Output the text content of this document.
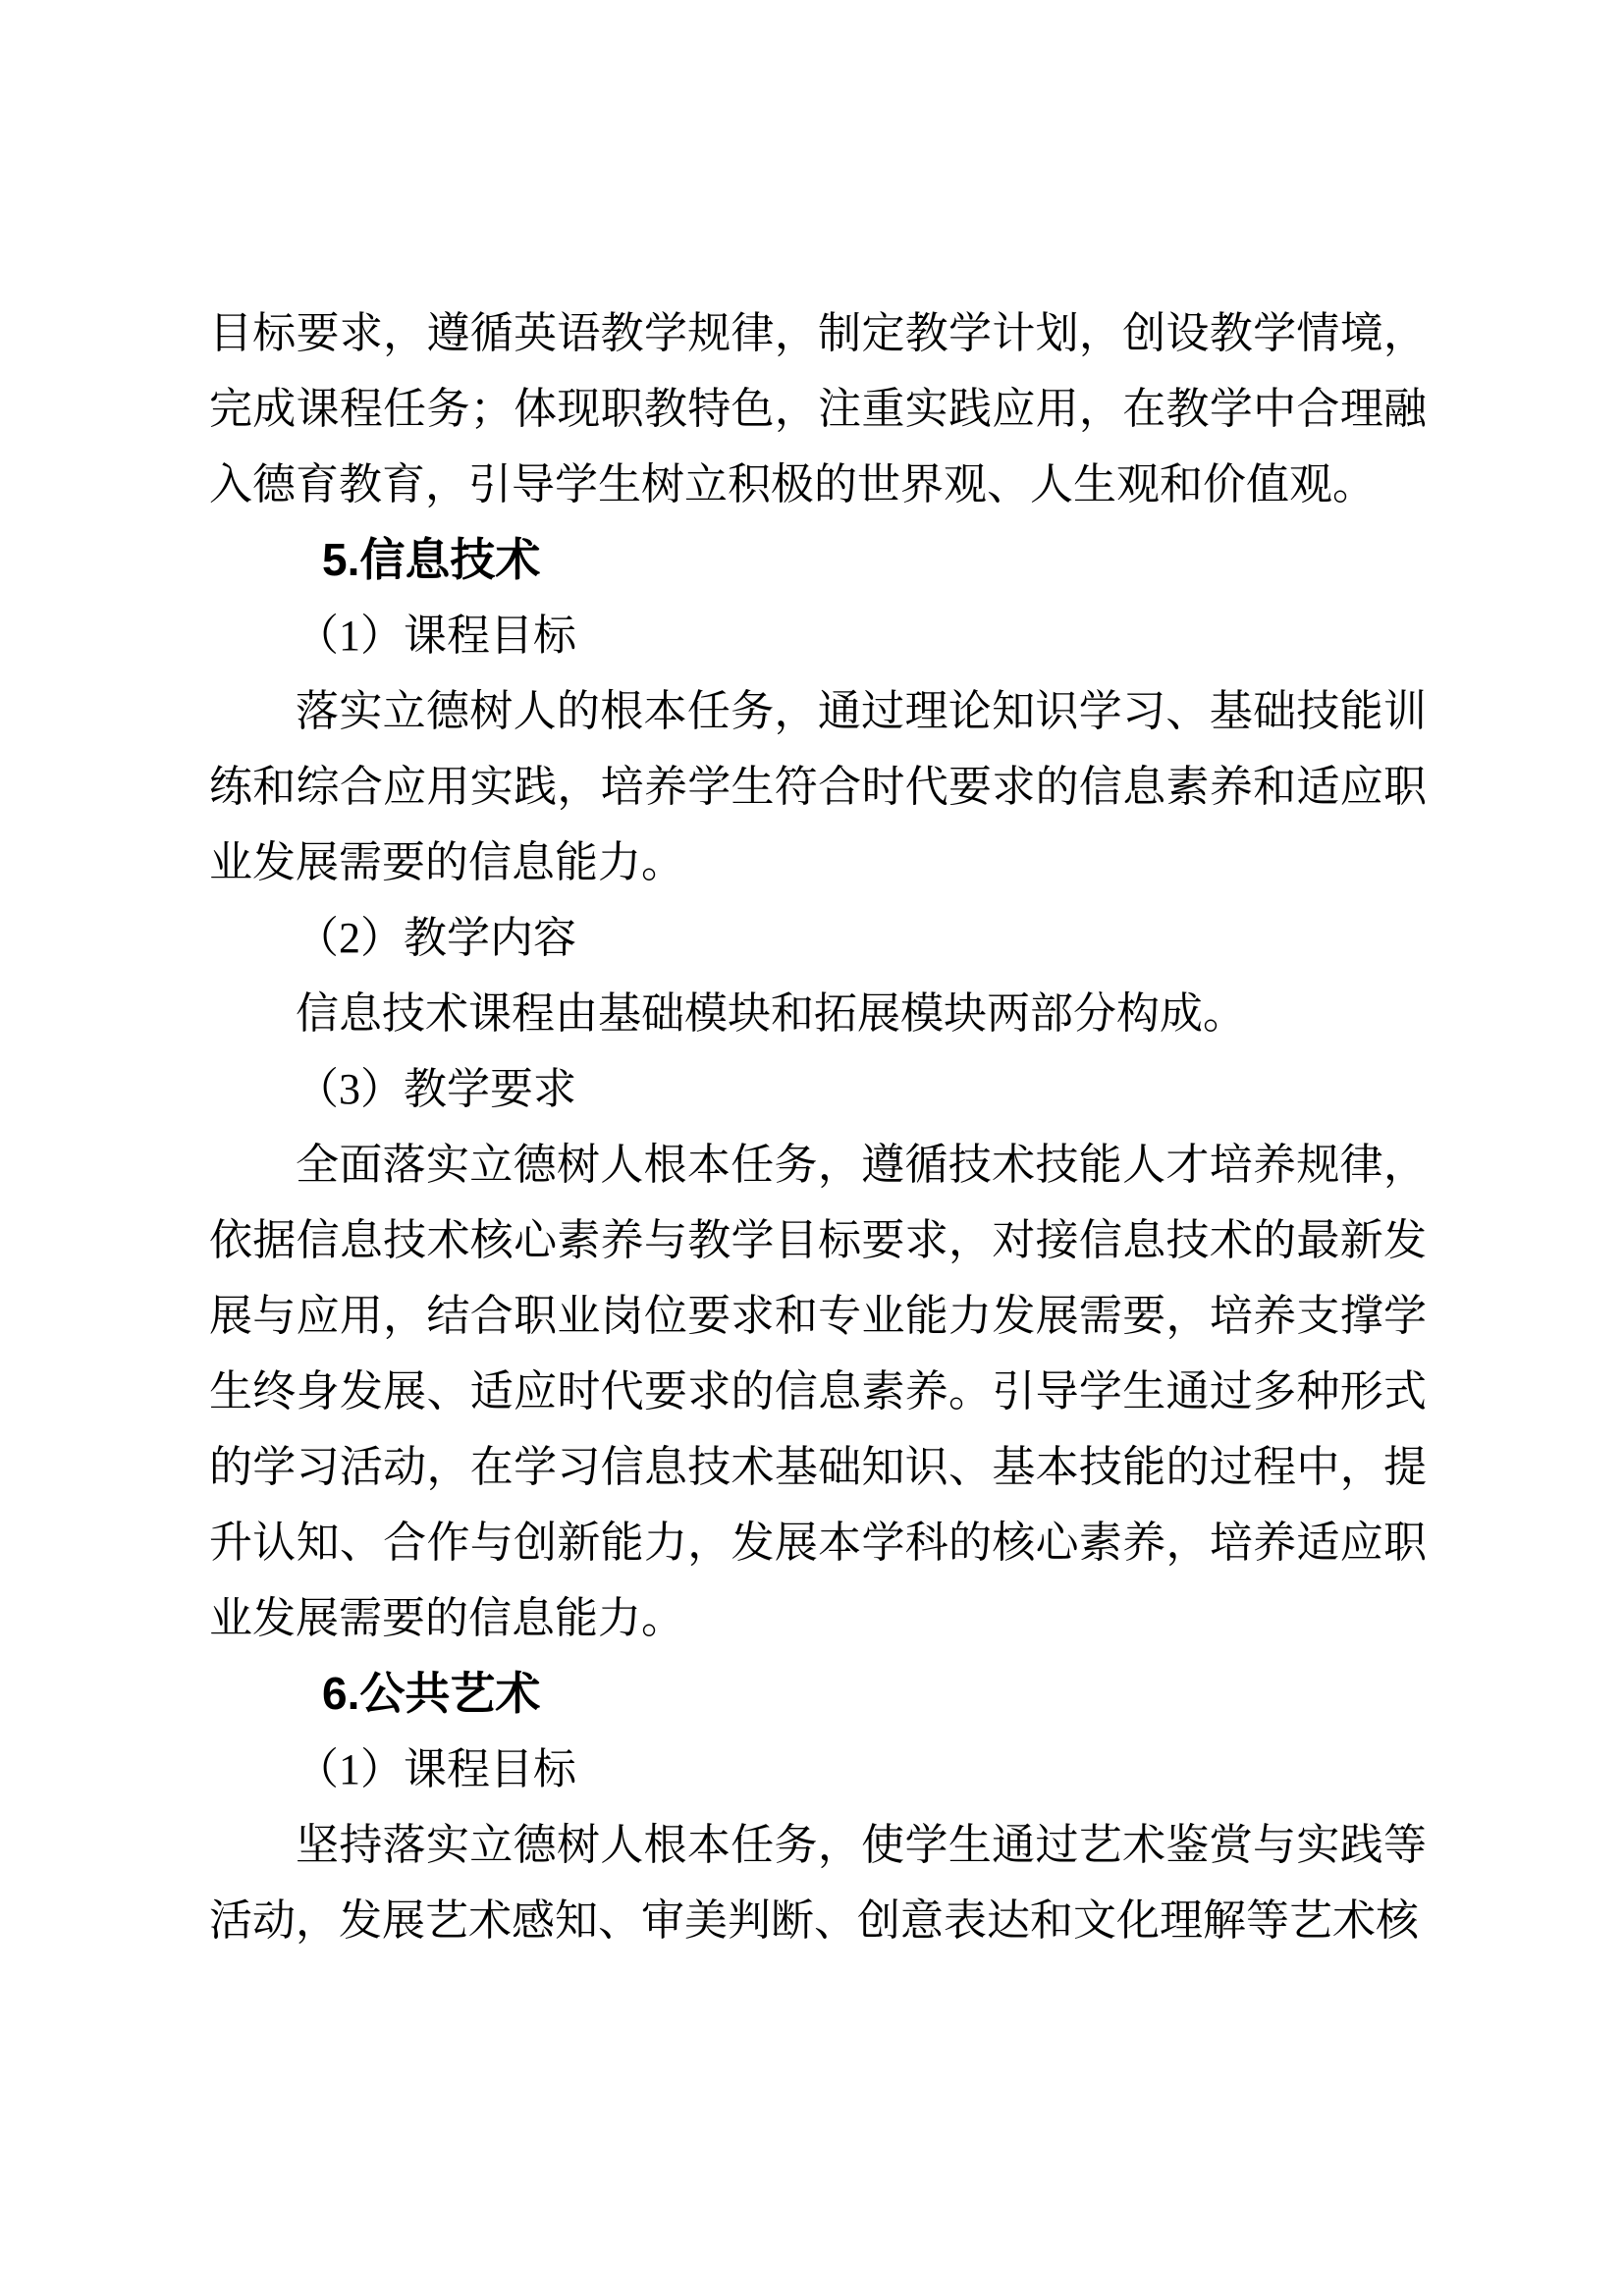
目标要求，遵循英语教学规律，制定教学计划，创设教学情境，完成课程任务；体现职教特色，注重实践应用，在教学中合理融入德育教育，引导学生树立积极的世界观、人生观和价值观。

5.信息技术

（1）课程目标

落实立德树人的根本任务，通过理论知识学习、基础技能训练和综合应用实践，培养学生符合时代要求的信息素养和适应职业发展需要的信息能力。

（2）教学内容

信息技术课程由基础模块和拓展模块两部分构成。

（3）教学要求

全面落实立德树人根本任务，遵循技术技能人才培养规律，依据信息技术核心素养与教学目标要求，对接信息技术的最新发展与应用，结合职业岗位要求和专业能力发展需要，培养支撑学生终身发展、适应时代要求的信息素养。引导学生通过多种形式的学习活动，在学习信息技术基础知识、基本技能的过程中，提升认知、合作与创新能力，发展本学科的核心素养，培养适应职业发展需要的信息能力。

6.公共艺术

（1）课程目标

坚持落实立德树人根本任务，使学生通过艺术鉴赏与实践等活动，发展艺术感知、审美判断、创意表达和文化理解等艺术核
